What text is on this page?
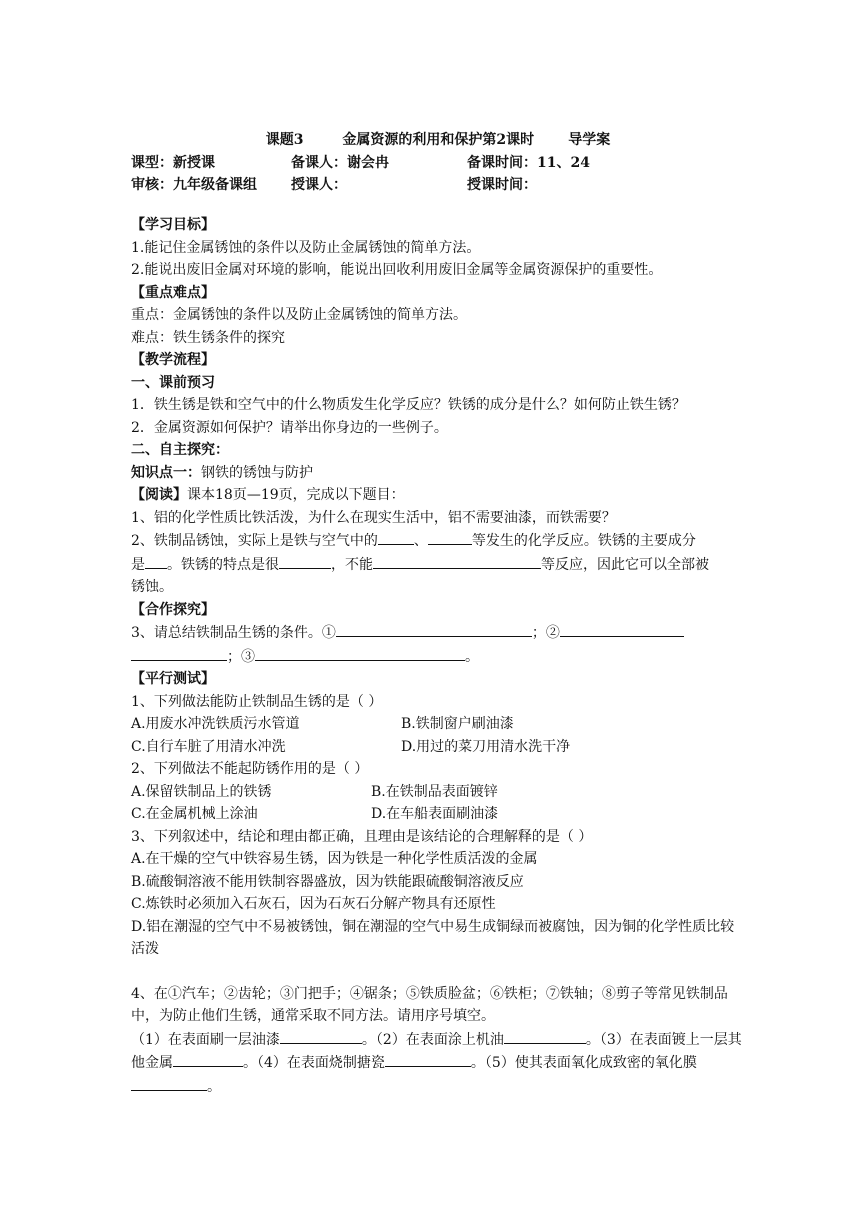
课题3        金属资源的利用和保护第2课时       导学案
课型：新授课	备课人：谢会冉	备课时间：11、24
审核：九年级备课组	授课人：	授课时间：
【学习目标】
1.能记住金属锈蚀的条件以及防止金属锈蚀的简单方法。
2.能说出废旧金属对环境的影响，能说出回收利用废旧金属等金属资源保护的重要性。
【重点难点】
重点：金属锈蚀的条件以及防止金属锈蚀的简单方法。
难点：铁生锈条件的探究
【教学流程】
一、课前预习
1．铁生锈是铁和空气中的什么物质发生化学反应？铁锈的成分是什么？如何防止铁生锈？
2．金属资源如何保护？请举出你身边的一些例子。
二、自主探究：
知识点一：钢铁的锈蚀与防护
【阅读】课本18页—19页，完成以下题目：
1、铝的化学性质比铁活泼，为什么在现实生活中，铝不需要油漆，而铁需要？
2、铁制品锈蚀，实际上是铁与空气中的	、	等发生的化学反应。铁锈的主要成分
是 。铁锈的特点是很	，不能	等反应，因此它可以全部被
锈蚀。
【合作探究】
3、请总结铁制品生锈的条件。①	；②
；③	。
【平行测试】
1、下列做法能防止铁制品生锈的是（ ）
A.用废水冲洗铁质污水管道	B.铁制窗户刷油漆
C.自行车脏了用清水冲洗	D.用过的菜刀用清水洗干净
2、下列做法不能起防锈作用的是（ ）
A.保留铁制品上的铁锈	B.在铁制品表面镀锌
C.在金属机械上涂油	D.在车船表面刷油漆
3、下列叙述中，结论和理由都正确，且理由是该结论的合理解释的是（ ）
A.在干燥的空气中铁容易生锈，因为铁是一种化学性质活泼的金属
B.硫酸铜溶液不能用铁制容器盛放，因为铁能跟硫酸铜溶液反应
C.炼铁时必须加入石灰石，因为石灰石分解产物具有还原性
D.铝在潮湿的空气中不易被锈蚀，铜在潮湿的空气中易生成铜绿而被腐蚀，因为铜的化学性质比较活泼
4、在①汽车；②齿轮；③门把手；④锯条；⑤铁质脸盆；⑥铁柜；⑦铁轴；⑧剪子等常见铁制品中，为防止他们生锈，通常采取不同方法。请用序号填空。
（1）在表面刷一层油漆	。（2）在表面涂上机油	。（3）在表面镀上一层其他金属	。（4）在表面烧制搪瓷	。（5）使其表面氧化成致密的氧化膜。
